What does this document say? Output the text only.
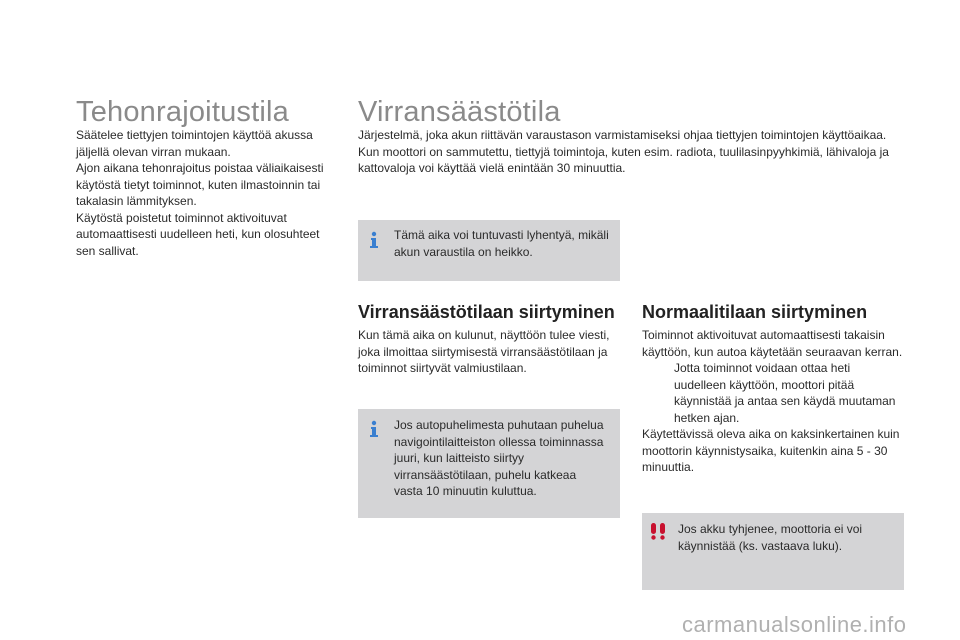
Tehonrajoitustila

Säätelee tiettyjen toimintojen käyttöä akussa jäljellä olevan virran mukaan.

Ajon aikana tehonrajoitus poistaa väliaikaisesti käytöstä tietyt toiminnot, kuten ilmastoinnin tai takalasin lämmityksen.

Käytöstä poistetut toiminnot aktivoituvat automaattisesti uudelleen heti, kun olosuhteet sen sallivat.

Virransäästötila

Järjestelmä, joka akun riittävän varaustason varmistamiseksi ohjaa tiettyjen toimintojen käyttöaikaa.

Kun moottori on sammutettu, tiettyjä toimintoja, kuten esim. radiota, tuulilasinpyyhkimiä, lähivaloja ja kattovaloja voi käyttää vielä enintään 30 minuuttia.

Tämä aika voi tuntuvasti lyhentyä, mikäli akun varaustila on heikko.
Virransäästötilaan siirtyminen
Kun tämä aika on kulunut, näyttöön tulee viesti, joka ilmoittaa siirtymisestä virransäästötilaan ja toiminnot siirtyvät valmiustilaan.
Jos autopuhelimesta puhutaan puhelua navigointilaitteiston ollessa toiminnassa juuri, kun laitteisto siirtyy virransäästötilaan, puhelu katkeaa vasta 10 minuutin kuluttua.
Normaalitilaan siirtyminen

Toiminnot aktivoituvat automaattisesti takaisin käyttöön, kun autoa käytetään seuraavan kerran.

Jotta toiminnot voidaan ottaa heti uudelleen käyttöön, moottori pitää käynnistää ja antaa sen käydä muutaman hetken ajan.

Käytettävissä oleva aika on kaksinkertainen kuin moottorin käynnistysaika, kuitenkin aina 5 - 30 minuuttia.

Jos akku tyhjenee, moottoria ei voi käynnistää (ks. vastaava luku).
carmanualsonline.info
